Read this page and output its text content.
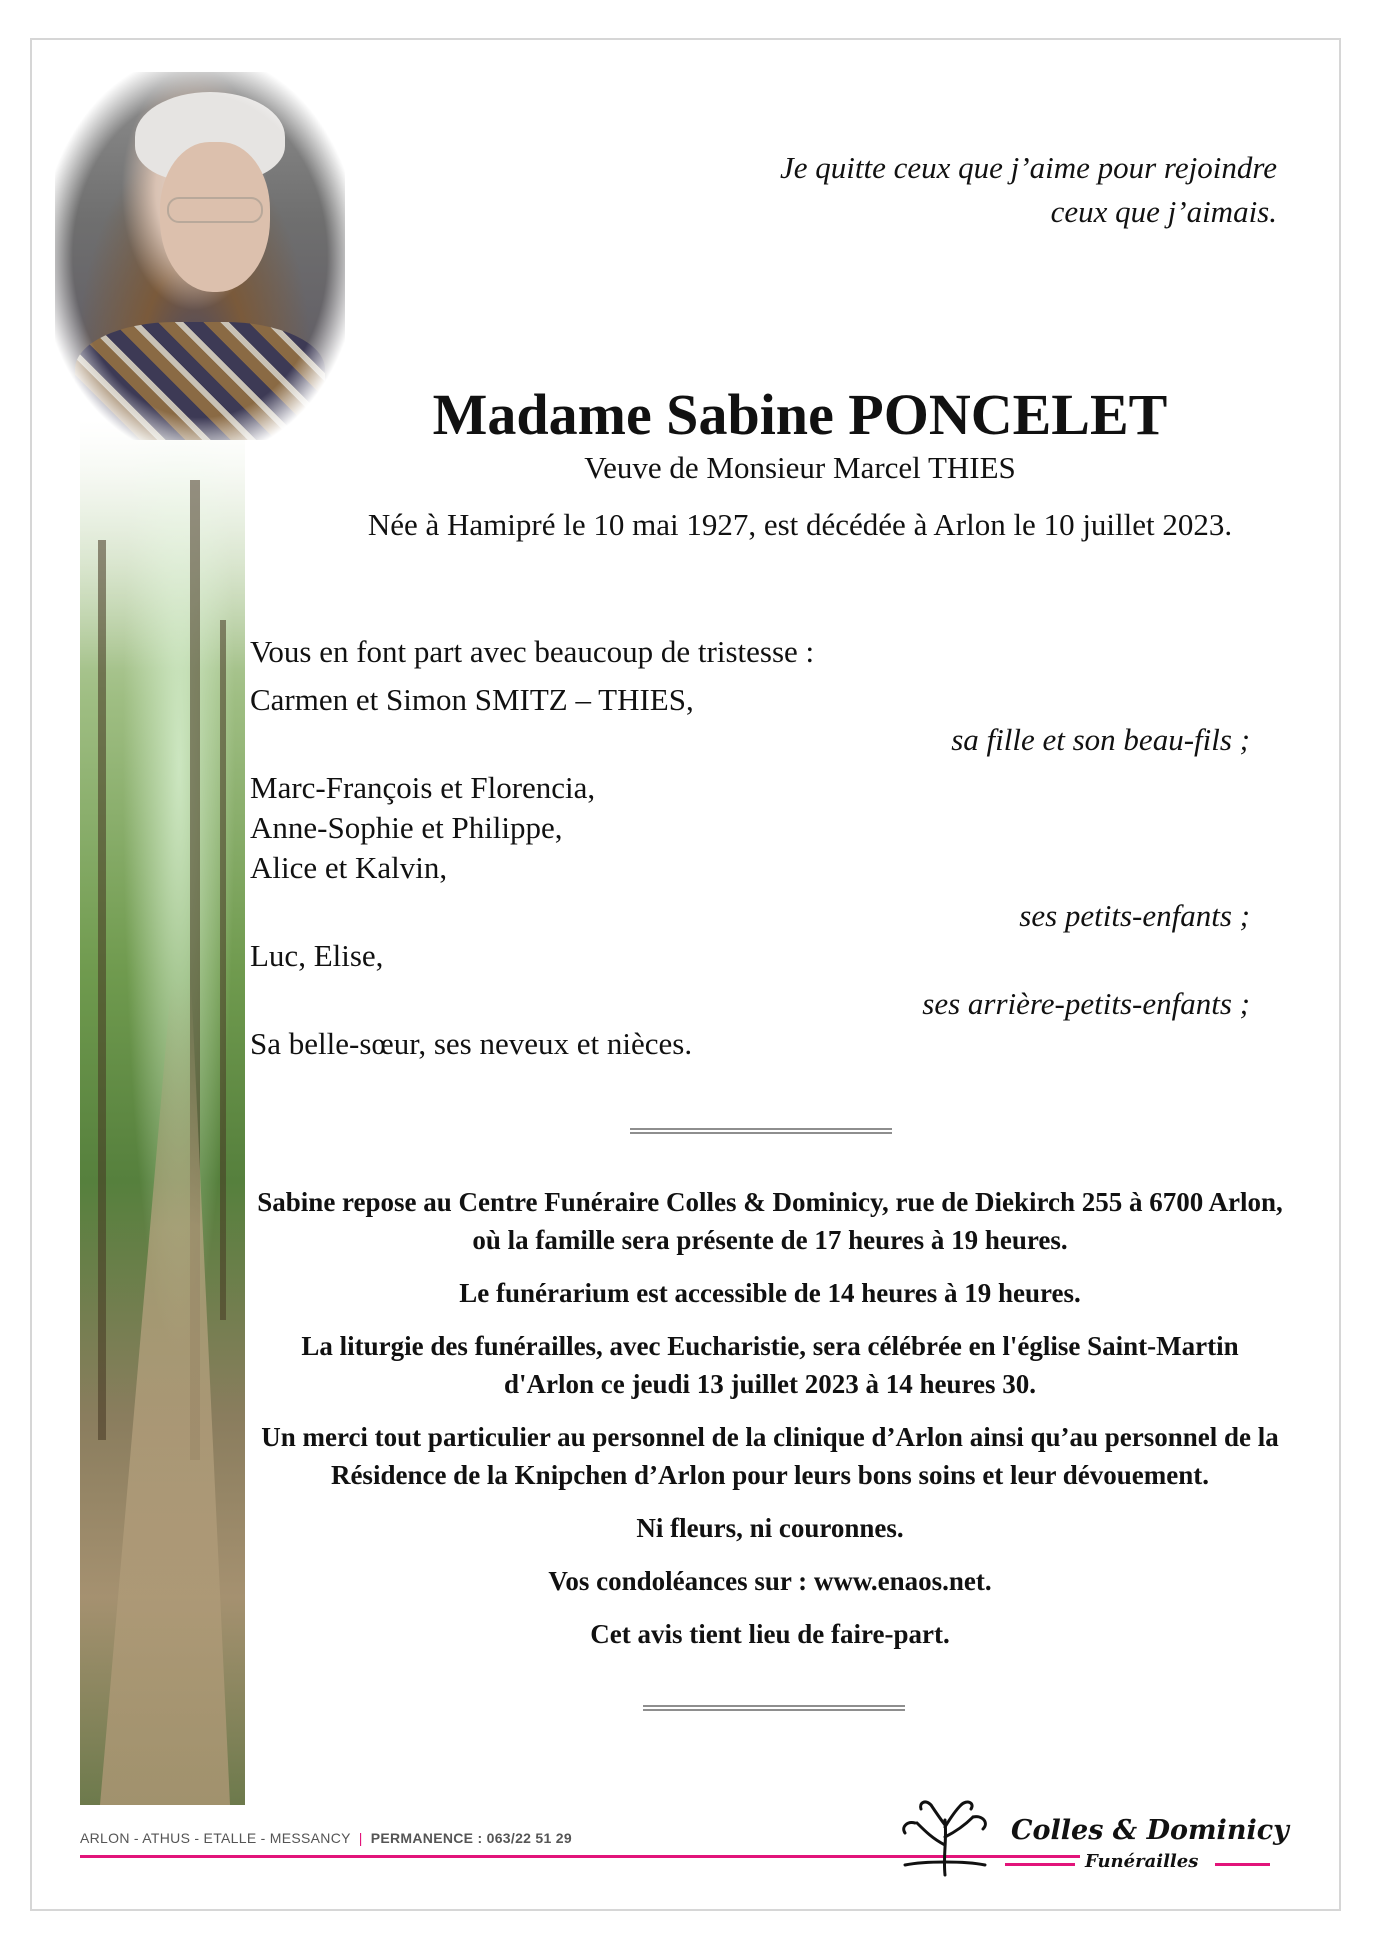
Je quitte ceux que j’aime pour rejoindre
ceux que j’aimais.
Madame Sabine PONCELET
Veuve de Monsieur Marcel THIES
Née à Hamipré le 10 mai 1927, est décédée à Arlon le 10 juillet 2023.
Vous en font part avec beaucoup de tristesse :
Carmen et Simon SMITZ – THIES,
sa fille et son beau-fils ;
Marc-François et Florencia,
Anne-Sophie et Philippe,
Alice et Kalvin,
ses petits-enfants ;
Luc, Elise,
ses arrière-petits-enfants ;
Sa belle-sœur, ses neveux et nièces.

Sabine repose au Centre Funéraire Colles & Dominicy, rue de Diekirch 255 à 6700 Arlon, où la famille sera présente de 17 heures à 19 heures.

Le funérarium est accessible de 14 heures à 19 heures.

La liturgie des funérailles, avec Eucharistie, sera célébrée en l'église Saint-Martin d'Arlon ce jeudi 13 juillet 2023 à 14 heures 30.

Un merci tout particulier au personnel de la clinique d’Arlon ainsi qu’au personnel de la Résidence de la Knipchen d’Arlon pour leurs bons soins et leur dévouement.

Ni fleurs, ni couronnes.

Vos condoléances sur : www.enaos.net.

Cet avis tient lieu de faire-part.

ARLON - ATHUS - ETALLE - MESSANCY | PERMANENCE : 063/22 51 29	Colles & Dominicy
Funérailles
